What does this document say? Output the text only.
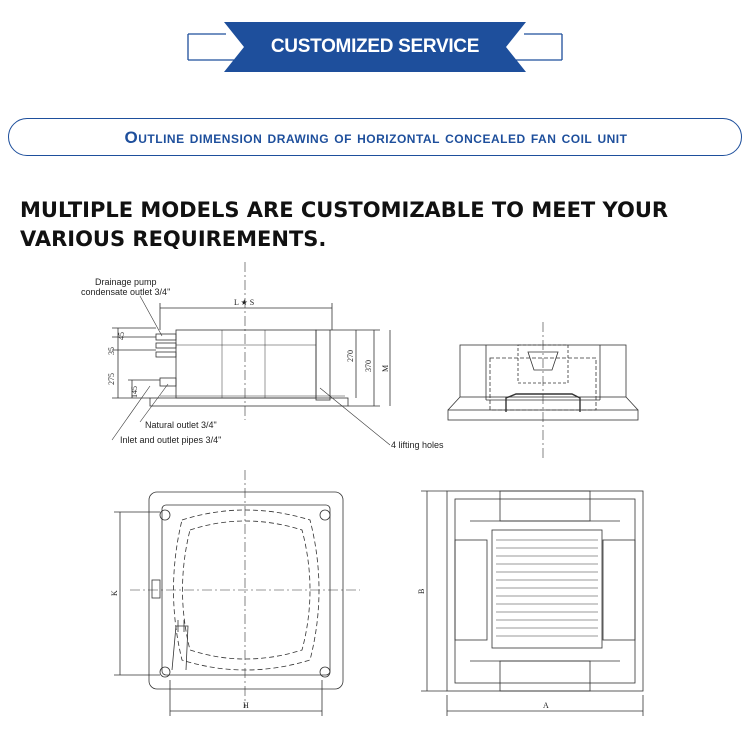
CUSTOMIZED SERVICE
Outline dimension drawing of horizontal concealed fan coil unit
MULTIPLE MODELS ARE CUSTOMIZABLE TO MEET YOUR VARIOUS REQUIREMENTS.
Drainage pump
condensate outlet 3/4"
Natural outlet 3/4"
Inlet and outlet pipes 3/4"	4 lifting holes
L ★ S
45
35
275
145
270
370 M
K
H
B
A
